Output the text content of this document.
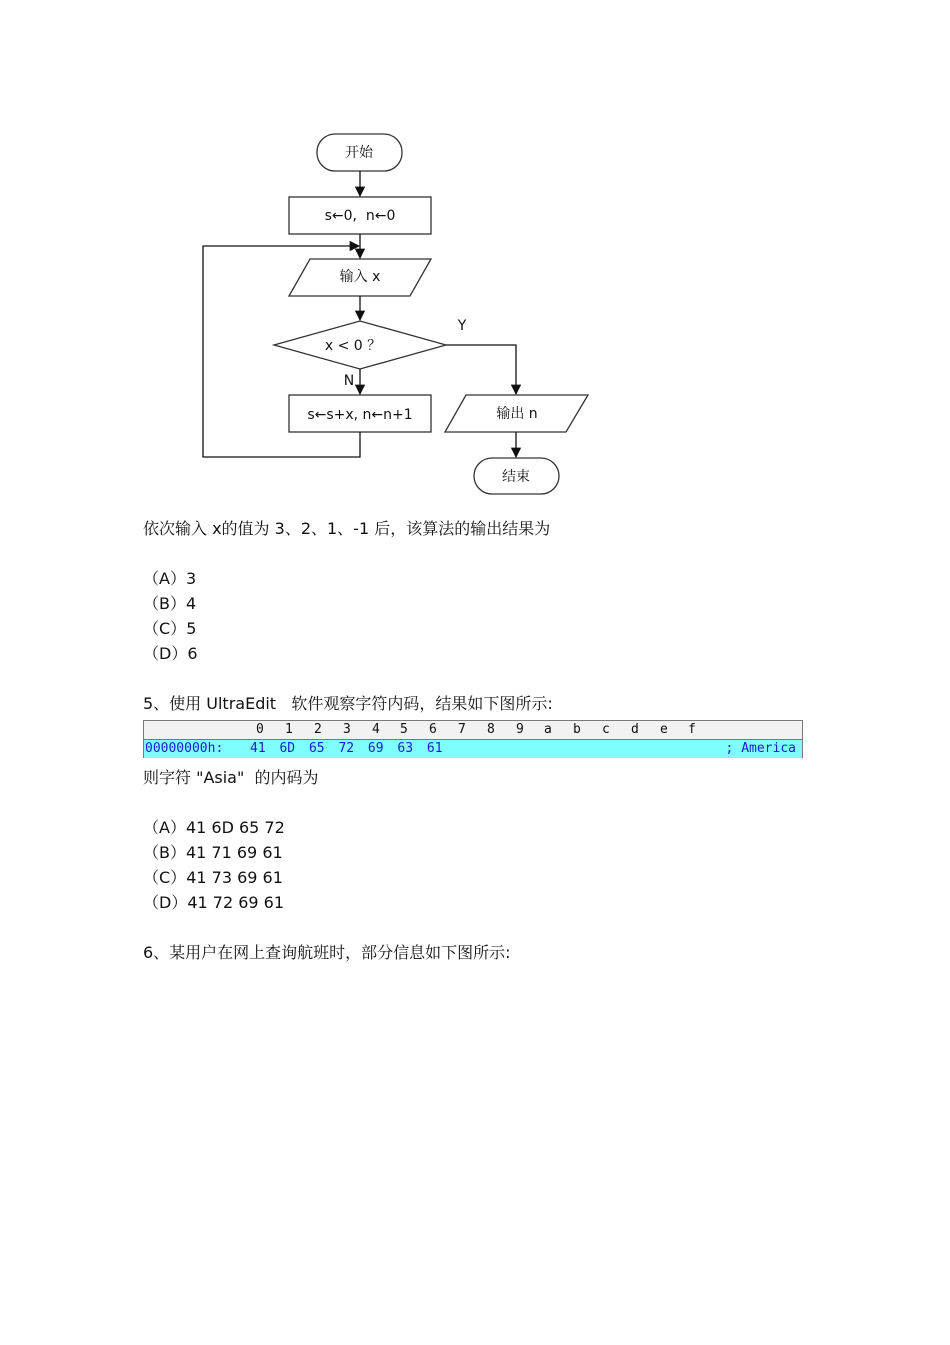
开始
s←0,  n←0
输入 x
x < 0 ？
Y
N
s←s+x, n←n+1	输出 n
结束
依次输入 x的值为 3、2、1、-1 后，该算法的输出结果为
（A）3
（B）4
（C）5
（D）6
5、使用 UltraEdit   软件观察字符内码，结果如下图所示:
0 1 2 3 4 5 6 7 8 9 a b c d e f
00000000h: 41 6D 65 72 69 63 61	; America
则字符 "Asia"  的内码为
（A）41 6D 65 72
（B）41 71 69 61
（C）41 73 69 61
（D）41 72 69 61
6、某用户在网上查询航班时，部分信息如下图所示:
